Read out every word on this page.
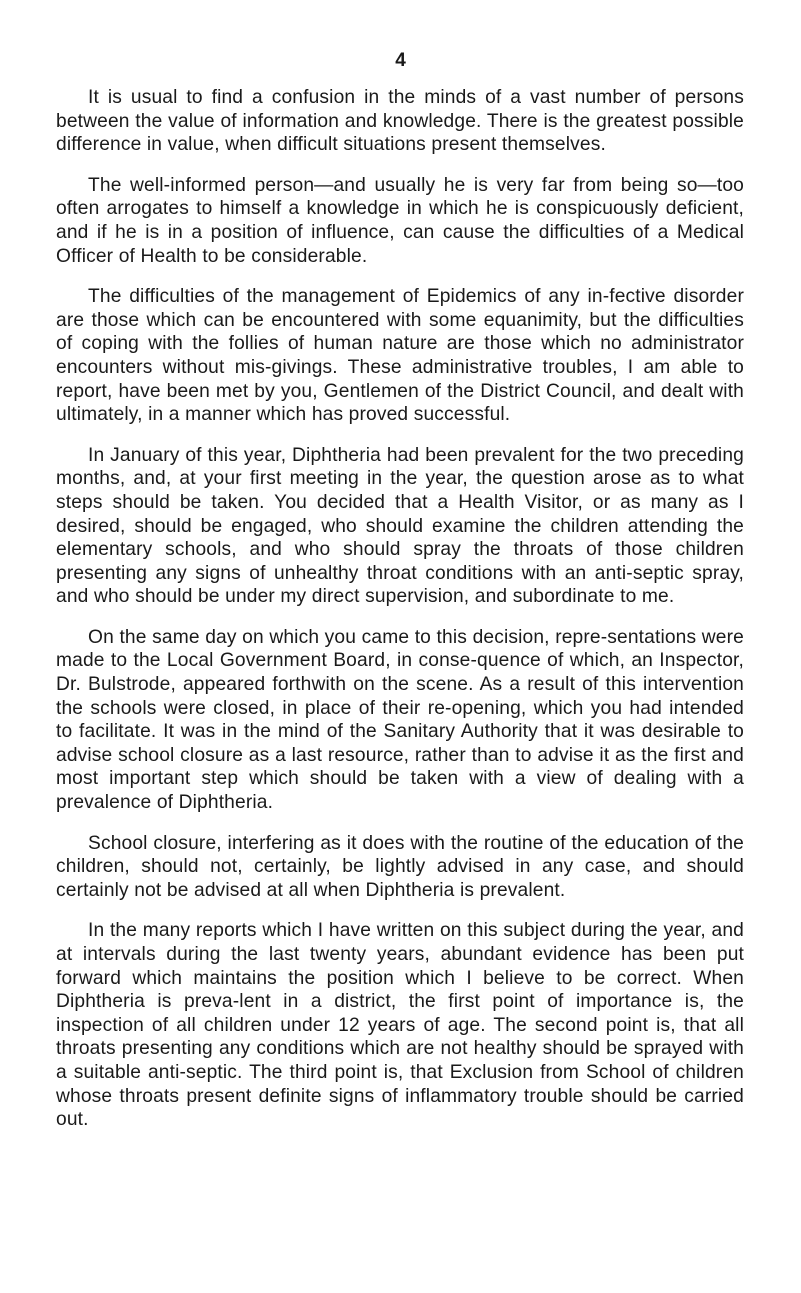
4

It is usual to find a confusion in the minds of a vast number of persons between the value of information and knowledge. There is the greatest possible difference in value, when difficult situations present themselves.

The well-informed person—and usually he is very far from being so—too often arrogates to himself a knowledge in which he is conspicuously deficient, and if he is in a position of influence, can cause the difficulties of a Medical Officer of Health to be considerable.

The difficulties of the management of Epidemics of any in-fective disorder are those which can be encountered with some equanimity, but the difficulties of coping with the follies of human nature are those which no administrator encounters without mis-givings. These administrative troubles, I am able to report, have been met by you, Gentlemen of the District Council, and dealt with ultimately, in a manner which has proved successful.

In January of this year, Diphtheria had been prevalent for the two preceding months, and, at your first meeting in the year, the question arose as to what steps should be taken. You decided that a Health Visitor, or as many as I desired, should be engaged, who should examine the children attending the elementary schools, and who should spray the throats of those children presenting any signs of unhealthy throat conditions with an anti-septic spray, and who should be under my direct supervision, and subordinate to me.

On the same day on which you came to this decision, repre-sentations were made to the Local Government Board, in conse-quence of which, an Inspector, Dr. Bulstrode, appeared forthwith on the scene. As a result of this intervention the schools were closed, in place of their re-opening, which you had intended to facilitate. It was in the mind of the Sanitary Authority that it was desirable to advise school closure as a last resource, rather than to advise it as the first and most important step which should be taken with a view of dealing with a prevalence of Diphtheria.

School closure, interfering as it does with the routine of the education of the children, should not, certainly, be lightly advised in any case, and should certainly not be advised at all when Diphtheria is prevalent.

In the many reports which I have written on this subject during the year, and at intervals during the last twenty years, abundant evidence has been put forward which maintains the position which I believe to be correct. When Diphtheria is preva-lent in a district, the first point of importance is, the inspection of all children under 12 years of age. The second point is, that all throats presenting any conditions which are not healthy should be sprayed with a suitable anti-septic. The third point is, that Exclusion from School of children whose throats present definite signs of inflammatory trouble should be carried out.
